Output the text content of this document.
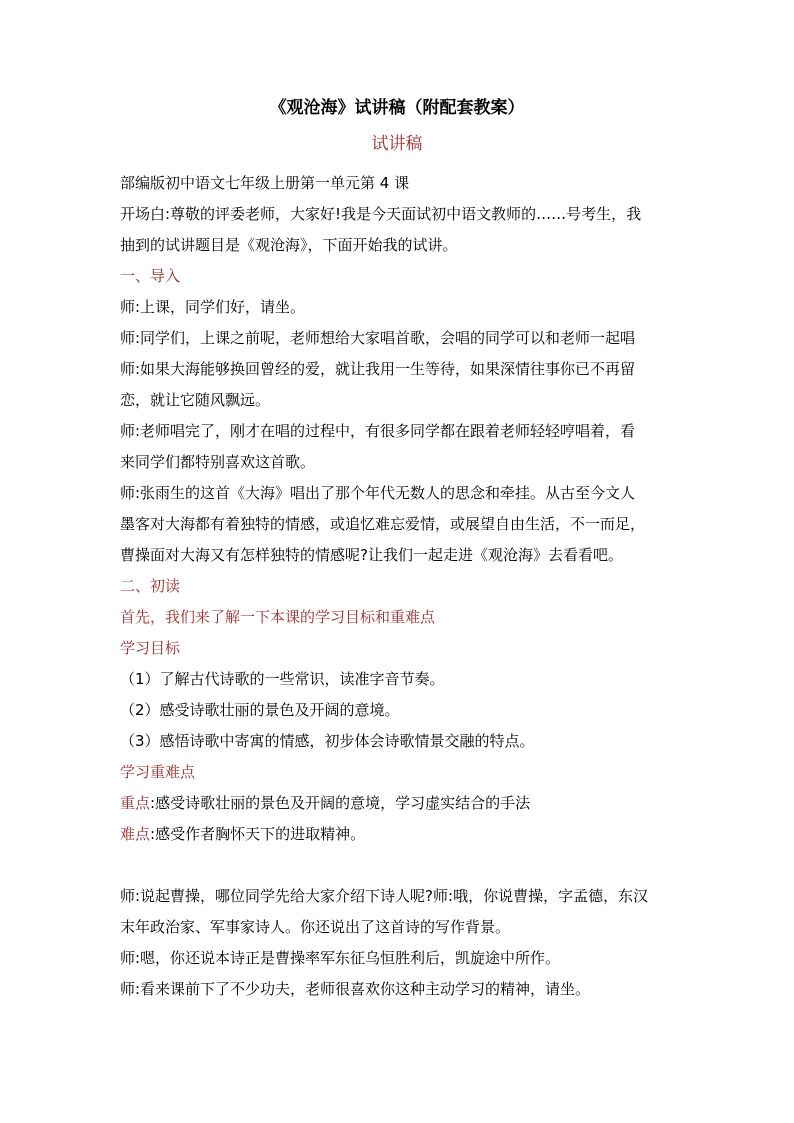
《观沧海》试讲稿（附配套教案）
试讲稿

部编版初中语文七年级上册第一单元第 4 课

开场白:尊敬的评委老师，大家好!我是今天面试初中语文教师的……号考生，我

抽到的试讲题目是《观沧海》，下面开始我的试讲。

一、导入

师:上课，同学们好，请坐。

师:同学们，上课之前呢，老师想给大家唱首歌，会唱的同学可以和老师一起唱

师:如果大海能够换回曾经的爱，就让我用一生等待，如果深情往事你已不再留

恋，就让它随风飘远。

师:老师唱完了，刚才在唱的过程中，有很多同学都在跟着老师轻轻哼唱着，看

来同学们都特别喜欢这首歌。

师:张雨生的这首《大海》唱出了那个年代无数人的思念和牵挂。从古至今文人

墨客对大海都有着独特的情感，或追忆难忘爱情，或展望自由生活，不一而足，

曹操面对大海又有怎样独特的情感呢?让我们一起走进《观沧海》去看看吧。

二、初读

首先，我们来了解一下本课的学习目标和重难点

学习目标

（1）了解古代诗歌的一些常识，读准字音节奏。

（2）感受诗歌壮丽的景色及开阔的意境。

（3）感悟诗歌中寄寓的情感，初步体会诗歌情景交融的特点。

学习重难点

重点:感受诗歌壮丽的景色及开阔的意境，学习虚实结合的手法

难点:感受作者胸怀天下的进取精神。

师:说起曹操，哪位同学先给大家介绍下诗人呢?师:哦，你说曹操，字孟德，东汉

末年政治家、军事家诗人。你还说出了这首诗的写作背景。

师:嗯，你还说本诗正是曹操率军东征乌恒胜利后，凯旋途中所作。

师:看来课前下了不少功夫，老师很喜欢你这种主动学习的精神，请坐。
